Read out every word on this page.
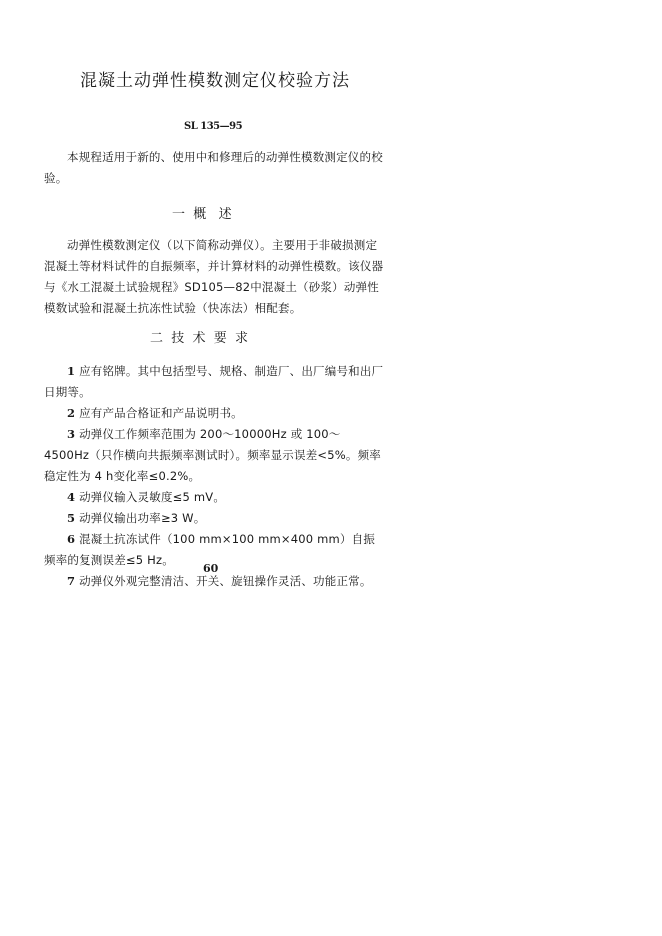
混凝土动弹性模数测定仪校验方法
SL 135—95
本规程适用于新的、使用中和修理后的动弹性模数测定仪的校验。
一  概   述
动弹性模数测定仪（以下简称动弹仪）。主要用于非破损测定混凝土等材料试件的自振频率，并计算材料的动弹性模数。该仪器与《水工混凝土试验规程》SD105—82中混凝土（砂浆）动弹性模数试验和混凝土抗冻性试验（快冻法）相配套。
二  技  术  要  求
1 应有铭牌。其中包括型号、规格、制造厂、出厂编号和出厂日期等。
2 应有产品合格证和产品说明书。
3 动弹仪工作频率范围为 200～10000Hz 或 100～4500Hz（只作横向共振频率测试时）。频率显示误差<5%。频率稳定性为 4 h变化率≤0.2%。
4 动弹仪输入灵敏度≤5 mV。
5 动弹仪输出功率≥3 W。
6 混凝土抗冻试件（100 mm×100 mm×400 mm）自振频率的复测误差≤5 Hz。
7 动弹仪外观完整清洁、开关、旋钮操作灵活、功能正常。
60
